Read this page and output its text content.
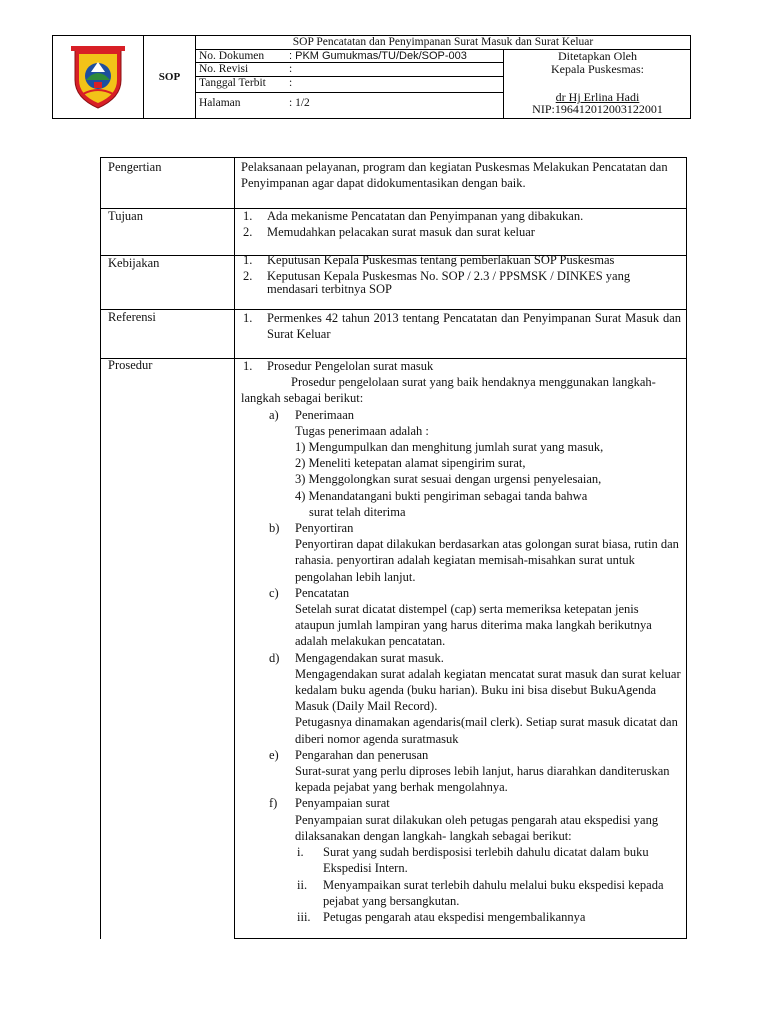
SOP
SOP Pencatatan dan Penyimpanan Surat Masuk dan Surat Keluar
No. Dokumen : PKM Gumukmas/TU/Dek/SOP-003
No. Revisi	:
Tanggal Terbit :
Halaman	: 1/2
Ditetapkan Oleh
Kepala Puskesmas:
dr Hj Erlina Hadi
NIP:196412012003122001
Pengertian	Pelaksanaan pelayanan, program dan kegiatan Puskesmas Melakukan Pencatatan dan Penyimpanan agar dapat didokumentasikan dengan baik.
Tujuan	1. Ada mekanisme Pencatatan dan Penyimpanan yang dibakukan.
2. Memudahkan pelacakan surat masuk dan surat keluar
Kebijakan	1. Keputusan Kepala Puskesmas tentang pemberlakuan SOP Puskesmas
2. Keputusan Kepala Puskesmas No. SOP / 2.3 / PPSMSK / DINKES yang mendasari terbitnya SOP
Referensi	1. Permenkes 42 tahun 2013 tentang Pencatatan dan Penyimpanan Surat Masuk dan Surat Keluar
Prosedur	1. Prosedur Pengelolan surat masuk

Prosedur pengelolaan surat yang baik hendaknya menggunakan langkah-langkah sebagai berikut:

a) Penerimaan

Tugas penerimaan adalah :

1) Mengumpulkan dan menghitung jumlah surat yang masuk,

2) Meneliti ketepatan alamat sipengirim surat,

3) Menggolongkan surat sesuai dengan urgensi penyelesaian,

4) Menandatangani bukti pengiriman sebagai tanda bahwa

surat telah diterima

b) Penyortiran

Penyortiran dapat dilakukan berdasarkan atas golongan surat biasa, rutin dan rahasia. penyortiran adalah kegiatan memisah-misahkan surat untuk pengolahan lebih lanjut.

c) Pencatatan

Setelah surat dicatat distempel (cap) serta memeriksa ketepatan jenis ataupun jumlah lampiran yang harus diterima maka langkah berikutnya adalah melakukan pencatatan.

d) Mengagendakan surat masuk.

Mengagendakan surat adalah kegiatan mencatat surat masuk dan surat keluar kedalam buku agenda (buku harian). Buku ini bisa disebut BukuAgenda Masuk (Daily Mail Record).

Petugasnya dinamakan agendaris(mail clerk). Setiap surat masuk dicatat dan diberi nomor agenda suratmasuk

e) Pengarahan dan penerusan

Surat-surat yang perlu diproses lebih lanjut, harus diarahkan danditeruskan kepada pejabat yang berhak mengolahnya.

f) Penyampaian surat

Penyampaian surat dilakukan oleh petugas pengarah atau ekspedisi yang dilaksanakan dengan langkah- langkah sebagai berikut:

i. Surat yang sudah berdisposisi terlebih dahulu dicatat dalam buku Ekspedisi Intern.
ii. Menyampaikan surat terlebih dahulu melalui buku ekspedisi kepada pejabat yang bersangkutan.
iii. Petugas pengarah atau ekspedisi mengembalikannya
